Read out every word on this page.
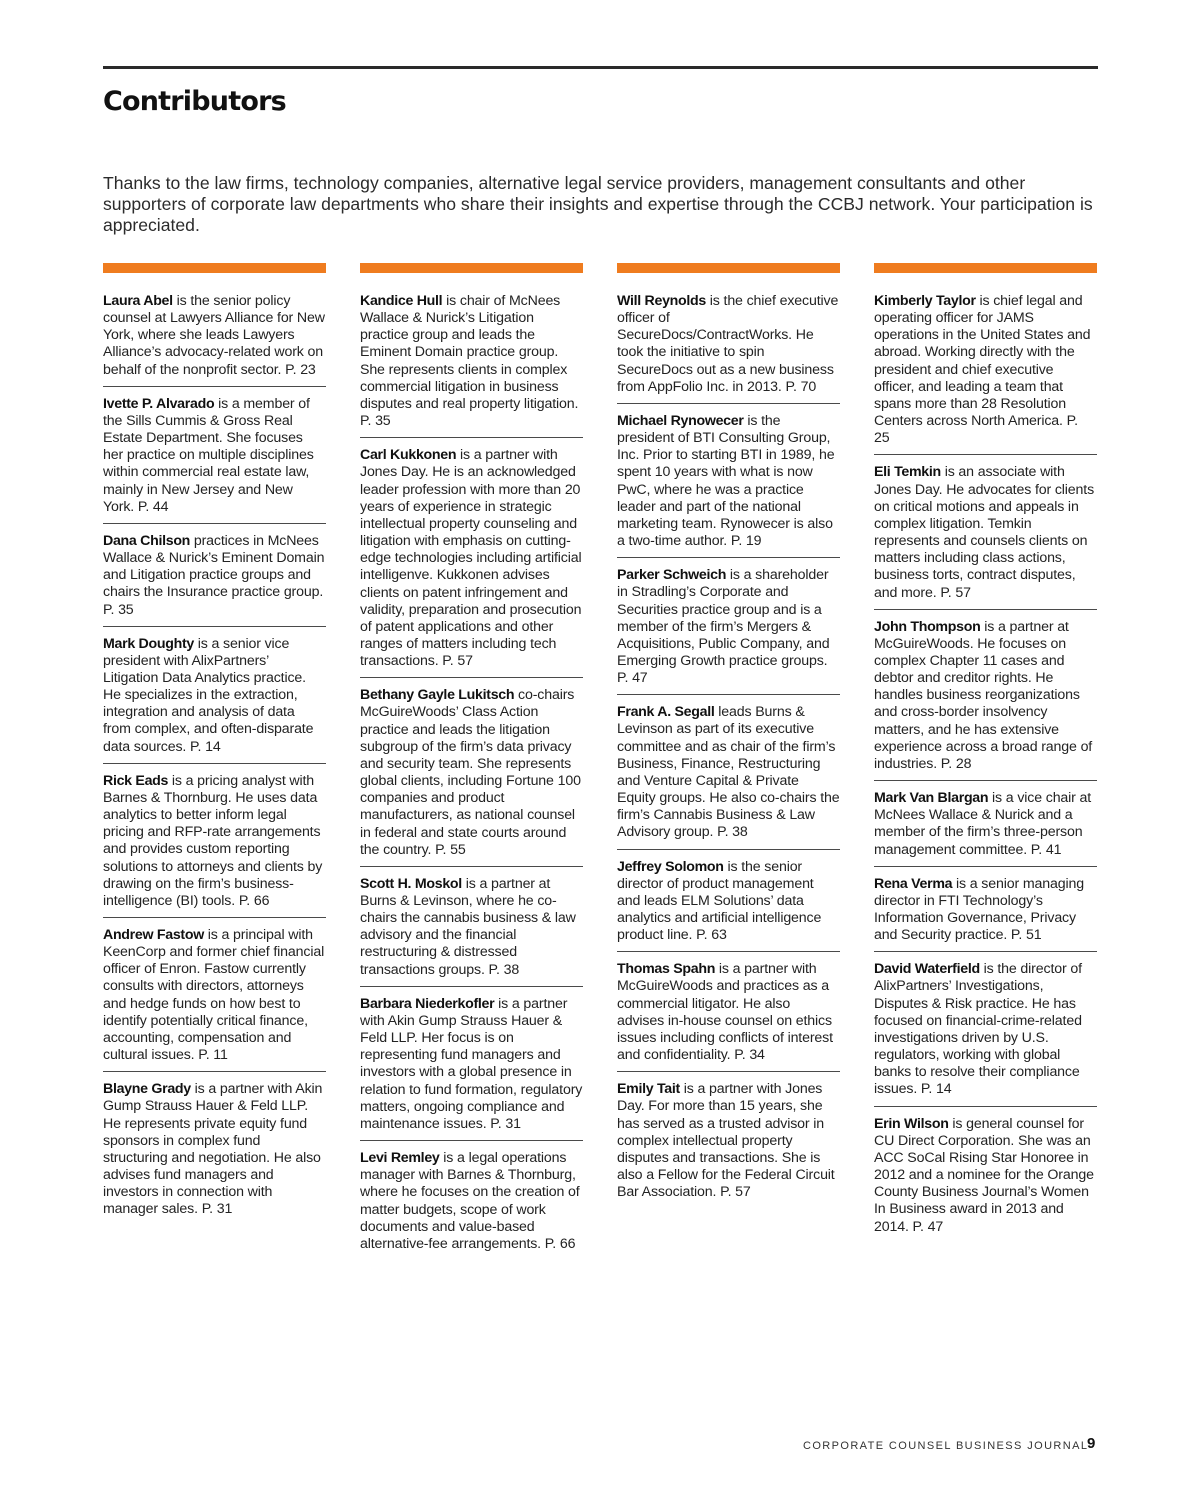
Contributors

Thanks to the law firms, technology companies, alternative legal service providers, management consultants and other supporters of corporate law departments who share their insights and expertise through the CCBJ network. Your participation is appreciated.

Laura Abel is the senior policy counsel at Lawyers Alliance for New York, where she leads Lawyers Alliance’s advocacy-related work on behalf of the nonprofit sector. P. 23

Ivette P. Alvarado is a member of the Sills Cummis & Gross Real Estate Department. She focuses her practice on multiple disciplines within commercial real estate law, mainly in New Jersey and New York. P. 44

Dana Chilson practices in McNees Wallace & Nurick’s Eminent Domain and Litigation practice groups and chairs the Insurance practice group. P. 35

Mark Doughty is a senior vice president with AlixPartners’ Litigation Data Analytics practice. He specializes in the extraction, integration and analysis of data from complex, and often-disparate data sources. P. 14

Rick Eads is a pricing analyst with Barnes & Thornburg. He uses data analytics to better inform legal pricing and RFP-rate arrangements and provides custom reporting solutions to attorneys and clients by drawing on the firm’s business-intelligence (BI) tools. P. 66

Andrew Fastow is a principal with KeenCorp and former chief financial officer of Enron. Fastow currently consults with directors, attorneys and hedge funds on how best to identify potentially critical finance, accounting, compensation and cultural issues. P. 11

Blayne Grady is a partner with Akin Gump Strauss Hauer & Feld LLP. He represents private equity fund sponsors in complex fund structuring and negotiation. He also advises fund managers and investors in connection with manager sales. P. 31

Kandice Hull is chair of McNees Wallace & Nurick’s Litigation practice group and leads the Eminent Domain practice group. She represents clients in complex commercial litigation in business disputes and real property litigation. P. 35

Carl Kukkonen is a partner with Jones Day. He is an acknowledged leader profession with more than 20 years of experience in strategic intellectual property counseling and litigation with emphasis on cutting-edge technologies including artificial intelligenve. Kukkonen advises clients on patent infringement and validity, preparation and prosecution of patent applications and other ranges of matters including tech transactions. P. 57

Bethany Gayle Lukitsch co-chairs McGuireWoods’ Class Action practice and leads the litigation subgroup of the firm’s data privacy and security team. She represents global clients, including Fortune 100 companies and product manufacturers, as national counsel in federal and state courts around the country. P. 55

Scott H. Moskol is a partner at Burns & Levinson, where he co-chairs the cannabis business & law advisory and the financial restructuring & distressed transactions groups. P. 38

Barbara Niederkofler is a partner with Akin Gump Strauss Hauer & Feld LLP. Her focus is on representing fund managers and investors with a global presence in relation to fund formation, regulatory matters, ongoing compliance and maintenance issues. P. 31

Levi Remley is a legal operations manager with Barnes & Thornburg, where he focuses on the creation of matter budgets, scope of work documents and value-based alternative-fee arrangements. P. 66

Will Reynolds is the chief executive officer of SecureDocs/ContractWorks. He took the initiative to spin SecureDocs out as a new business from AppFolio Inc. in 2013. P. 70

Michael Rynowecer is the president of BTI Consulting Group, Inc. Prior to starting BTI in 1989, he spent 10 years with what is now PwC, where he was a practice leader and part of the national marketing team. Rynowecer is also a two-time author. P. 19

Parker Schweich is a shareholder in Stradling’s Corporate and Securities practice group and is a member of the firm’s Mergers & Acquisitions, Public Company, and Emerging Growth practice groups. P. 47

Frank A. Segall leads Burns & Levinson as part of its executive committee and as chair of the firm’s Business, Finance, Restructuring and Venture Capital & Private Equity groups. He also co-chairs the firm’s Cannabis Business & Law Advisory group. P. 38

Jeffrey Solomon is the senior director of product management and leads ELM Solutions’ data analytics and artificial intelligence product line. P. 63

Thomas Spahn is a partner with McGuireWoods and practices as a commercial litigator. He also advises in-house counsel on ethics issues including conflicts of interest and confidentiality. P. 34

Emily Tait is a partner with Jones Day. For more than 15 years, she has served as a trusted advisor in complex intellectual property disputes and transactions. She is also a Fellow for the Federal Circuit Bar Association. P. 57

Kimberly Taylor is chief legal and operating officer for JAMS operations in the United States and abroad. Working directly with the president and chief executive officer, and leading a team that spans more than 28 Resolution Centers across North America. P. 25

Eli Temkin is an associate with Jones Day. He advocates for clients on critical motions and appeals in complex litigation. Temkin represents and counsels clients on matters including class actions, business torts, contract disputes, and more. P. 57

John Thompson is a partner at McGuireWoods. He focuses on complex Chapter 11 cases and debtor and creditor rights. He handles business reorganizations and cross-border insolvency matters, and he has extensive experience across a broad range of industries. P. 28

Mark Van Blargan is a vice chair at McNees Wallace & Nurick and a member of the firm’s three-person management committee. P. 41

Rena Verma is a senior managing director in FTI Technology’s Information Governance, Privacy and Security practice. P. 51

David Waterfield is the director of AlixPartners’ Investigations, Disputes & Risk practice. He has focused on financial-crime-related investigations driven by U.S. regulators, working with global banks to resolve their compliance issues. P. 14

Erin Wilson is general counsel for CU Direct Corporation. She was an ACC SoCal Rising Star Honoree in 2012 and a nominee for the Orange County Business Journal’s Women In Business award in 2013 and 2014. P. 47

CORPORATE COUNSEL BUSINESS JOURNAL
9
